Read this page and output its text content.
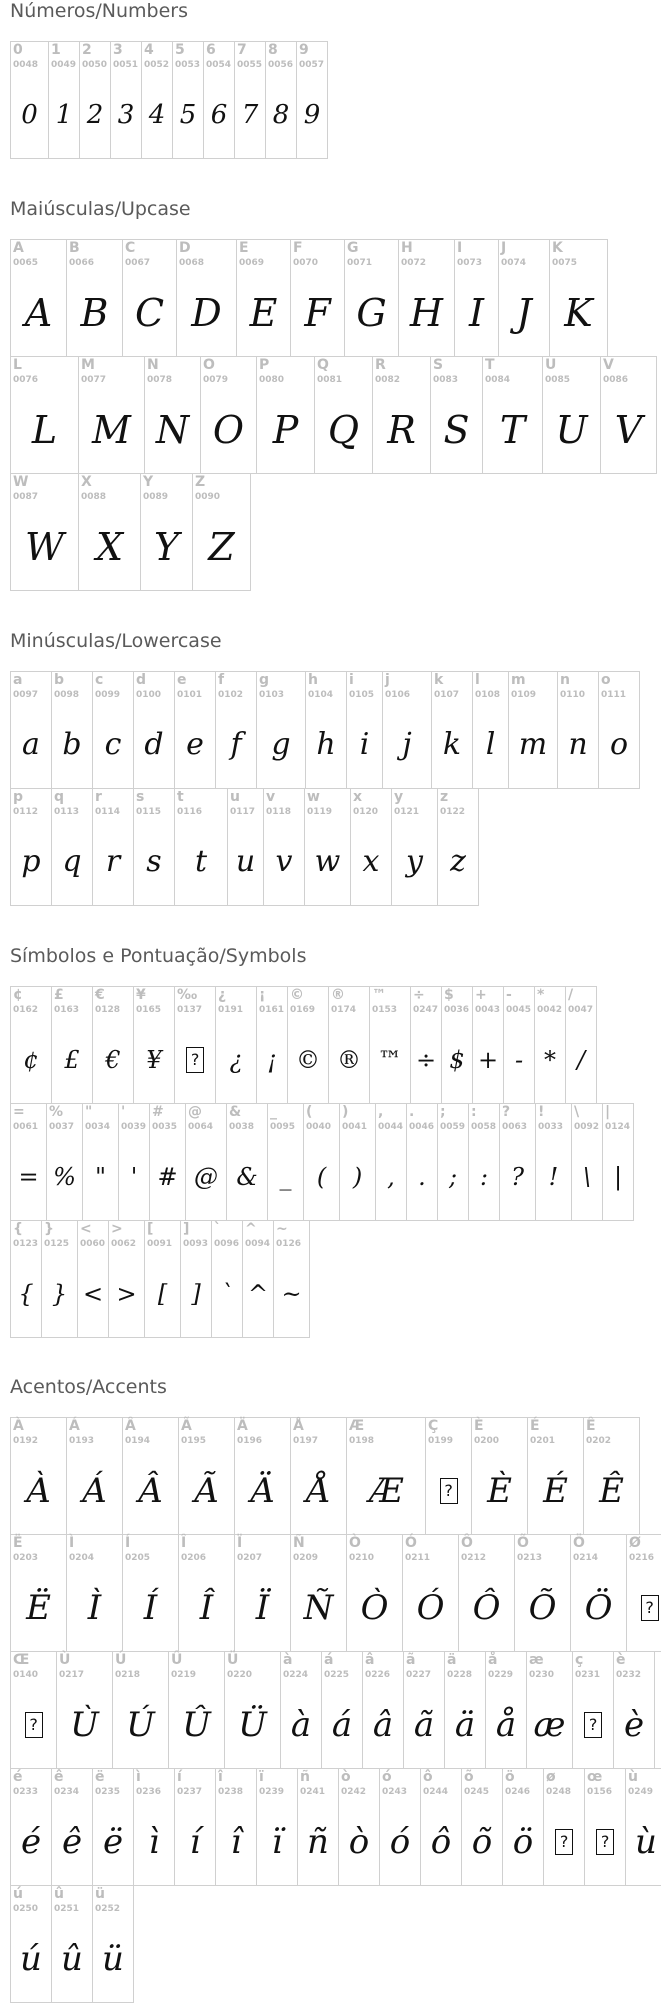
Números/Numbers
0
0048
0
1
0049
1
2
0050
2
3
0051
3
4
0052
4
5
0053
5
6
0054
6
7
0055
7
8
0056
8
9
0057
9
Maiúsculas/Upcase
A
0065
A
B
0066
B
C
0067
C
D
0068
D
E
0069
E
F
0070
F
G
0071
G
H
0072
H
I
0073
I
J
0074
J
K
0075
K
L
0076
L
M
0077
M
N
0078
N
O
0079
O
P
0080
P
Q
0081
Q
R
0082
R
S
0083
S
T
0084
T
U
0085
U
V
0086
V
W
0087
W
X
0088
X
Y
0089
Y
Z
0090
Z
Minúsculas/Lowercase
a
0097
a
b
0098
b
c
0099
c
d
0100
d
e
0101
e
f
0102
f
g
0103
g
h
0104
h
i
0105
i
j
0106
j
k
0107
k
l
0108
l
m
0109
m
n
0110
n
o
0111
o
p
0112
p
q
0113
q
r
0114
r
s
0115
s
t
0116
t
u
0117
u
v
0118
v
w
0119
w
x
0120
x
y
0121
y
z
0122
z
Símbolos e Pontuação/Symbols
¢
0162
¢
£
0163
£
€
0128
€
¥
0165
¥
‰
0137
?
¿
0191
¿
¡
0161
¡
©
0169
©
®
0174
®
™
0153
™
÷
0247
÷
$
0036
$
+
0043
+
-
0045
-
*
0042
*
/
0047
/
=
0061
=
%
0037
%
"
0034
"
'
0039
'
#
0035
#
@
0064
@
&
0038
&
_
0095
_
(
0040
(
)
0041
)
,
0044
,
.
0046
.
;
0059
;
:
0058
:
?
0063
?
!
0033
!
\
0092
\
|
0124
|
{
0123
{
}
0125
}
<
0060
<
>
0062
>
[
0091
[
]
0093
]
`
0096
`
^
0094
^
~
0126
~
Acentos/Accents
À
0192
À
Á
0193
Á
Â
0194
Â
Ã
0195
Ã
Ä
0196
Ä
Å
0197
Å
Æ
0198
Æ
Ç
0199
?
È
0200
È
É
0201
É
Ê
0202
Ê
Ë
0203
Ë
Ì
0204
Ì
Í
0205
Í
Î
0206
Î
Ï
0207
Ï
Ñ
0209
Ñ
Ò
0210
Ò
Ó
0211
Ó
Ô
0212
Ô
Õ
0213
Õ
Ö
0214
Ö
Ø
0216
?
Œ
0140
?
Ù
0217
Ù
Ú
0218
Ú
Û
0219
Û
Ü
0220
Ü
à
0224
à
á
0225
á
â
0226
â
ã
0227
ã
ä
0228
ä
å
0229
å
æ
0230
æ
ç
0231
?
è
0232
è
é
0233
é
ê
0234
ê
ë
0235
ë
ì
0236
ì
í
0237
í
î
0238
î
ï
0239
ï
ñ
0241
ñ
ò
0242
ò
ó
0243
ó
ô
0244
ô
õ
0245
õ
ö
0246
ö
ø
0248
?
œ
0156
?
ù
0249
ù
ú
0250
ú
û
0251
û
ü
0252
ü
